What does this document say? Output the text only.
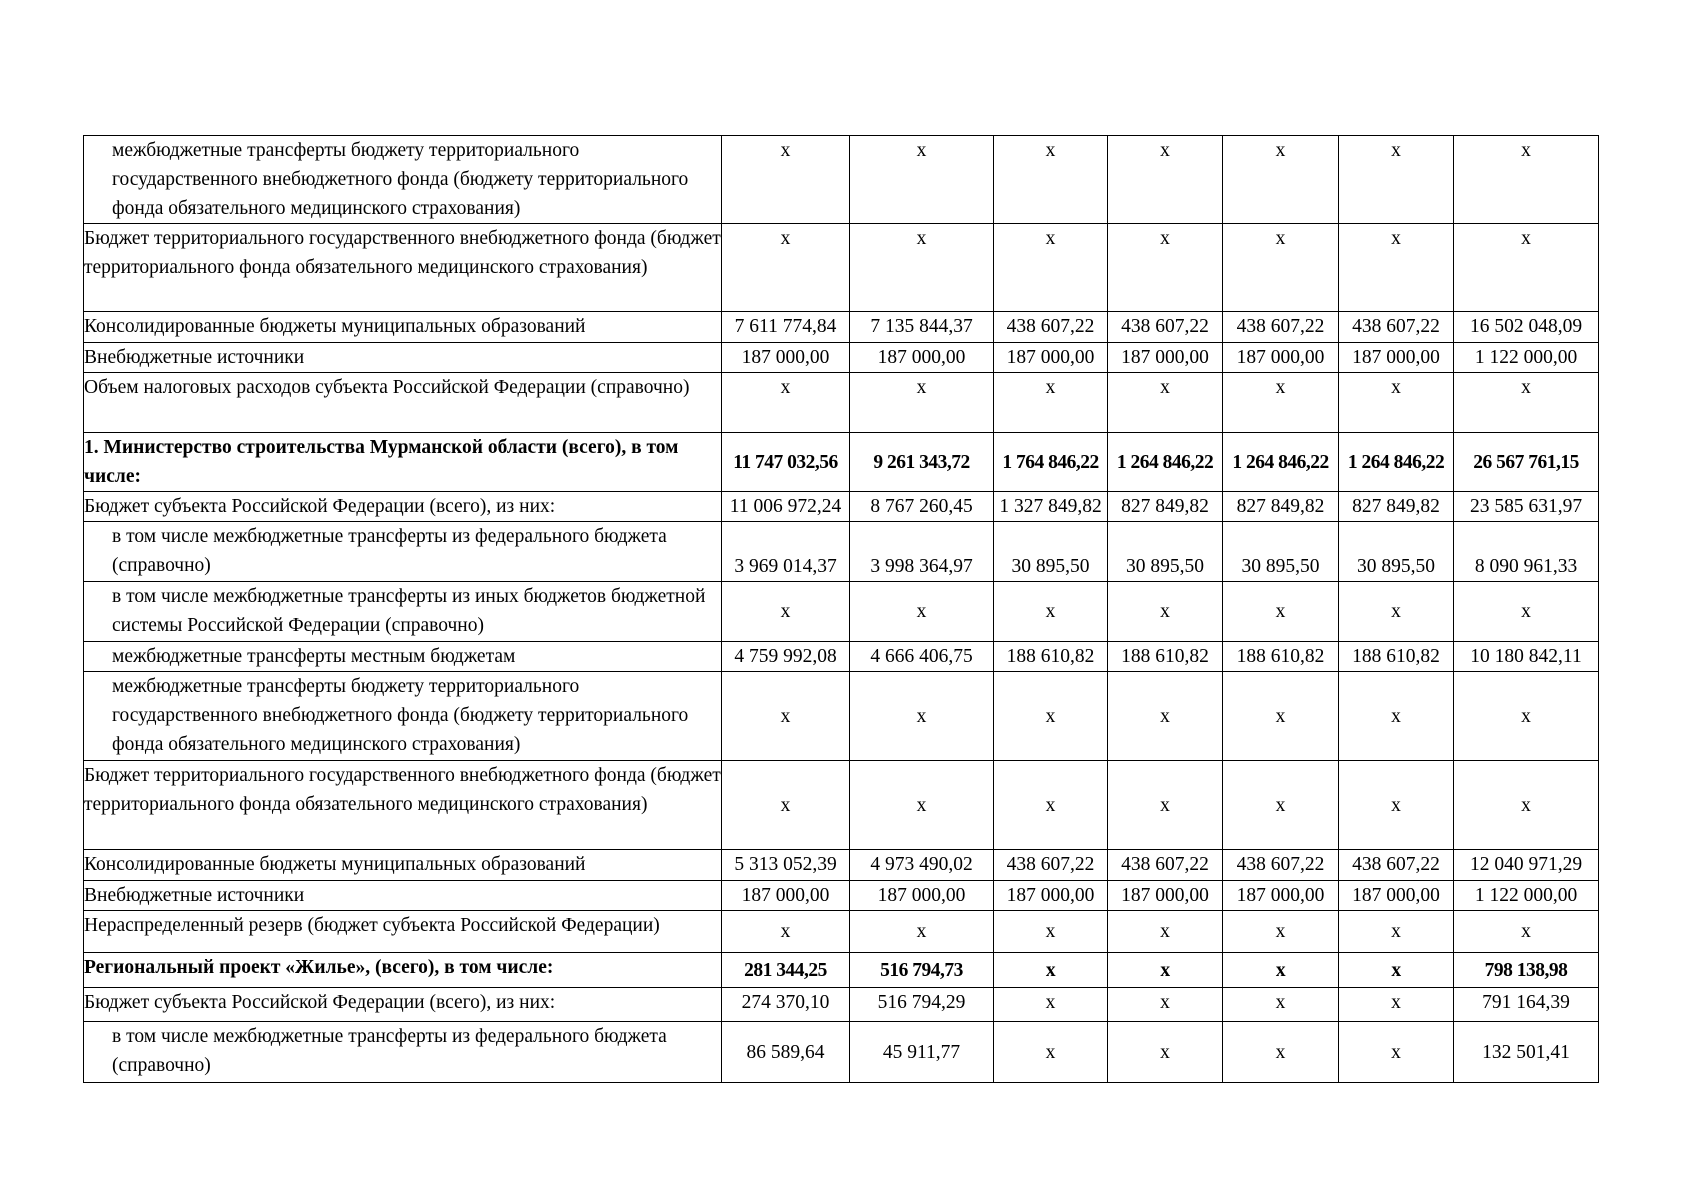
межбюджетные трансферты бюджету территориального государственного внебюджетного фонда (бюджету территориального фонда обязательного медицинского страхования)	x	x	x	x	x	x	x
Бюджет территориального государственного внебюджетного фонда (бюджет территориального фонда обязательного медицинского страхования)	x	x	x	x	x	x	x
Консолидированные бюджеты муниципальных образований	7 611 774,84	7 135 844,37	438 607,22	438 607,22	438 607,22	438 607,22	16 502 048,09
Внебюджетные источники	187 000,00	187 000,00	187 000,00	187 000,00	187 000,00	187 000,00	1 122 000,00
Объем налоговых расходов субъекта Российской Федерации (справочно)	x	x	x	x	x	x	x
1. Министерство строительства Мурманской области (всего), в том числе:	11 747 032,56	9 261 343,72	1 764 846,22	1 264 846,22	1 264 846,22	1 264 846,22	26 567 761,15
Бюджет субъекта Российской Федерации (всего), из них:	11 006 972,24	8 767 260,45	1 327 849,82	827 849,82	827 849,82	827 849,82	23 585 631,97
в том числе межбюджетные трансферты из федерального бюджета (справочно)	3 969 014,37	3 998 364,97	30 895,50	30 895,50	30 895,50	30 895,50	8 090 961,33
в том числе межбюджетные трансферты из иных бюджетов бюджетной системы Российской Федерации (справочно)	x	x	x	x	x	x	x
межбюджетные трансферты местным бюджетам	4 759 992,08	4 666 406,75	188 610,82	188 610,82	188 610,82	188 610,82	10 180 842,11
межбюджетные трансферты бюджету территориального государственного внебюджетного фонда (бюджету территориального фонда обязательного медицинского страхования)	x	x	x	x	x	x	x
Бюджет территориального государственного внебюджетного фонда (бюджет территориального фонда обязательного медицинского страхования)	x	x	x	x	x	x	x
Консолидированные бюджеты муниципальных образований	5 313 052,39	4 973 490,02	438 607,22	438 607,22	438 607,22	438 607,22	12 040 971,29
Внебюджетные источники	187 000,00	187 000,00	187 000,00	187 000,00	187 000,00	187 000,00	1 122 000,00
Нераспределенный резерв (бюджет субъекта Российской Федерации)	x	x	x	x	x	x	x
Региональный проект «Жилье», (всего), в том числе:	281 344,25	516 794,73	x	x	x	x	798 138,98
Бюджет субъекта Российской Федерации (всего), из них:	274 370,10	516 794,29	x	x	x	x	791 164,39
в том числе межбюджетные трансферты из федерального бюджета (справочно)	86 589,64	45 911,77	x	x	x	x	132 501,41
